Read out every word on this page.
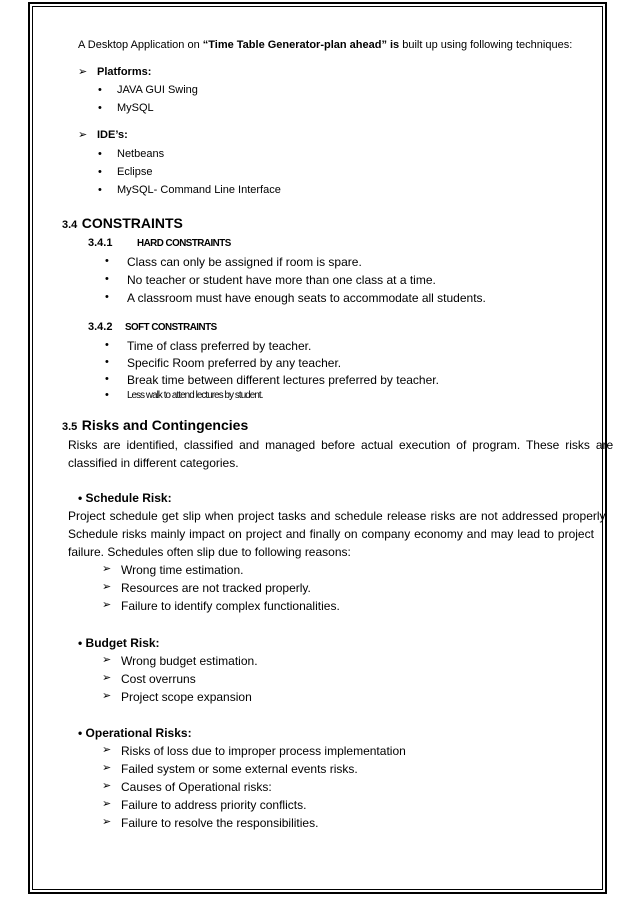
A Desktop Application on “Time Table Generator-plan ahead” is built up using following techniques:
➢ Platforms:
• JAVA GUI Swing
• MySQL
➢ IDE’s:
• Netbeans
• Eclipse
• MySQL- Command Line Interface
3.4 CONSTRAINTS
3.4.1	HARD CONSTRAINTS
• Class can only be assigned if room is spare.
• No teacher or student have more than one class at a time.
• A classroom must have enough seats to accommodate all students.
3.4.2 SOFT CONSTRAINTS
• Time of class preferred by teacher.
• Specific Room preferred by any teacher.
• Break time between different lectures preferred by teacher.
• Less walk to attend lectures by student.
3.5 Risks and Contingencies
Risks are identified, classified and managed before actual execution of program. These risks are
classified in different categories.
• Schedule Risk:
Project schedule get slip when project tasks and schedule release risks are not addressed properly.
Schedule risks mainly impact on project and finally on company economy and may lead to project
failure. Schedules often slip due to following reasons:
➢ Wrong time estimation.
➢ Resources are not tracked properly.
➢ Failure to identify complex functionalities.
• Budget Risk:
➢ Wrong budget estimation.
➢ Cost overruns
➢ Project scope expansion
• Operational Risks:
➢ Risks of loss due to improper process implementation
➢ Failed system or some external events risks.
➢ Causes of Operational risks:
➢ Failure to address priority conflicts.
➢ Failure to resolve the responsibilities.
